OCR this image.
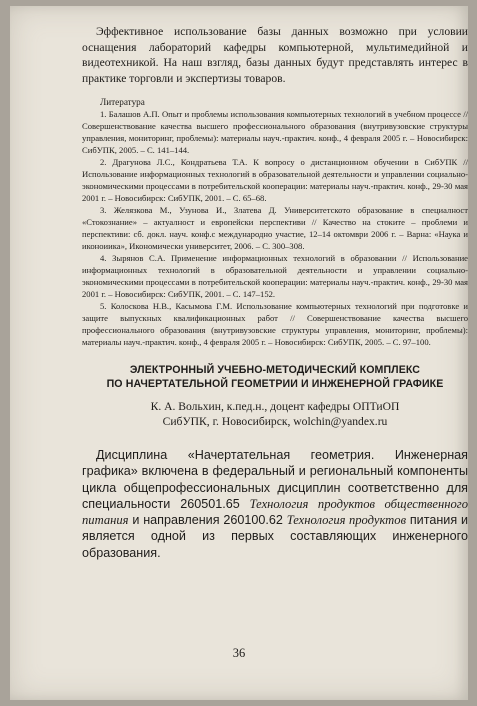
Эффективное использование базы данных возможно при условии оснащения лабораторий кафедры компьютерной, мультимедийной и видеотехникой. На наш взгляд, базы данных будут представлять интерес в практике торговли и экспертизы товаров.

Литература

1. Балашов А.П. Опыт и проблемы использования компьютерных технологий в учебном процессе // Совершенствование качества высшего профессионального образования (внутривузовские структуры управления, мониторинг, проблемы): материалы науч.-практич. конф., 4 февраля 2005 г. – Новосибирск: СибУПК, 2005. – С. 141–144.

2. Драгунова Л.С., Кондратьева Т.А. К вопросу о дистанционном обучении в СибУПК // Использование информационных технологий в образовательной деятельности и управлении социально-экономическими процессами в потребительской кооперации: материалы науч.-практич. конф., 29-30 мая 2001 г. – Новосибирск: СибУПК, 2001. – С. 65–68.

3. Желязкова М., Узунова И., Златева Д. Университетското образование в специалност «Стокознание» – актуалност и европейски перспективи // Качество на стоките – проблеми и перспективи: сб. докл. науч. конф.с международно участие, 12–14 октомври 2006 г. – Варна: «Наука и иконоиика», Икономически университет, 2006. – С. 300–308.

4. Зырянов С.А. Применение информационных технологий в образовании // Использование информационных технологий в образовательной деятельности и управлении социально-экономическими процессами в потребительской кооперации: материалы науч.-практич. конф., 29-30 мая 2001 г. – Новосибирск: СибУПК, 2001. – С. 147–152.

5. Колоскова Н.В., Касымова Г.М. Использование компьютерных технологий при подготовке и защите выпускных квалификационных работ // Совершенствование качества высшего профессионального образования (внутривузовские структуры управления, мониторинг, проблемы): материалы науч.-практич. конф., 4 февраля 2005 г. – Новосибирск: СибУПК, 2005. – С. 97–100.

ЭЛЕКТРОННЫЙ УЧЕБНО-МЕТОДИЧЕСКИЙ КОМПЛЕКС
ПО НАЧЕРТАТЕЛЬНОЙ ГЕОМЕТРИИ И ИНЖЕНЕРНОЙ ГРАФИКЕ

К. А. Вольхин, к.пед.н., доцент кафедры ОПТиОП

СибУПК, г. Новосибирск, wolchin@yandex.ru

Дисциплина «Начертательная геометрия. Инженерная графика» включена в федеральный и региональный компоненты цикла общепрофессиональных дисциплин соответственно для специальности 260501.65 Технология продуктов общественного питания и направления 260100.62 Технология продуктов питания и является одной из первых составляющих инженерного образования.

36
